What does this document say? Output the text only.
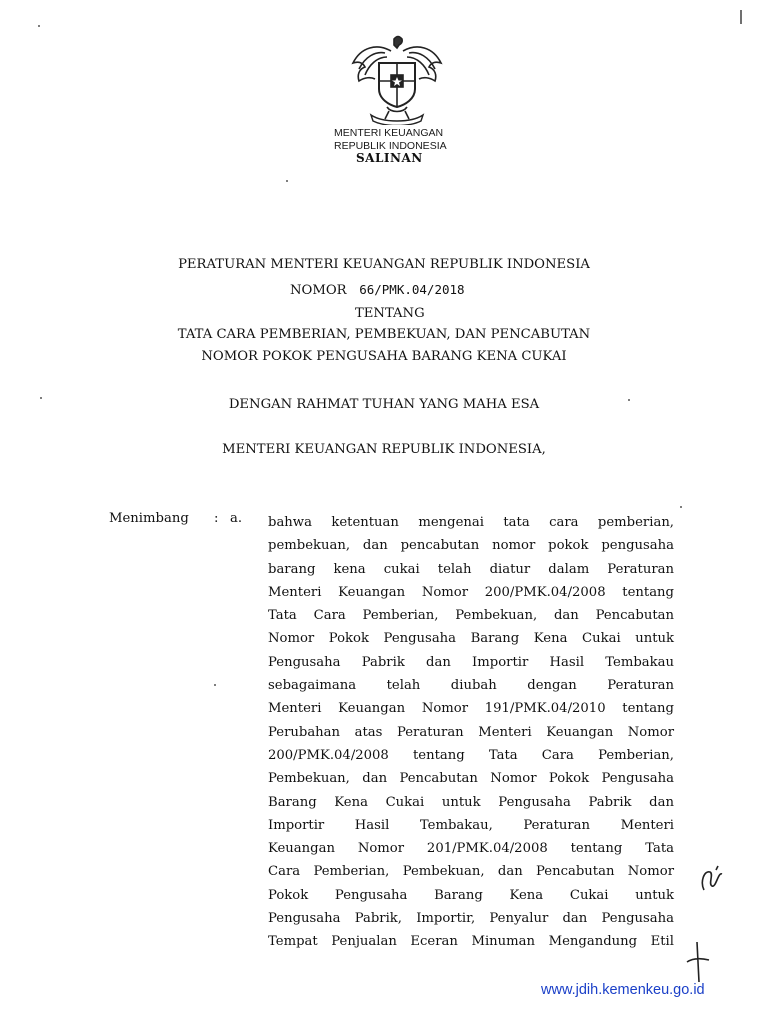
MENTERI KEUANGAN
REPUBLIK INDONESIA
SALINAN
PERATURAN MENTERI KEUANGAN REPUBLIK INDONESIA
NOMOR 66/PMK.04/2018
TENTANG
TATA CARA PEMBERIAN, PEMBEKUAN, DAN PENCABUTAN
NOMOR POKOK PENGUSAHA BARANG KENA CUKAI
DENGAN RAHMAT TUHAN YANG MAHA ESA
MENTERI KEUANGAN REPUBLIK INDONESIA,
Menimbang : a. bahwa ketentuan mengenai tata cara pemberian,
pembekuan, dan pencabutan nomor pokok pengusaha
barang kena cukai telah diatur dalam Peraturan
Menteri Keuangan Nomor 200/PMK.04/2008 tentang
Tata Cara Pemberian, Pembekuan, dan Pencabutan
Nomor Pokok Pengusaha Barang Kena Cukai untuk
Pengusaha Pabrik dan Importir Hasil Tembakau
sebagaimana telah diubah dengan Peraturan
Menteri Keuangan Nomor 191/PMK.04/2010 tentang
Perubahan atas Peraturan Menteri Keuangan Nomor
200/PMK.04/2008 tentang Tata Cara Pemberian,
Pembekuan, dan Pencabutan Nomor Pokok Pengusaha
Barang Kena Cukai untuk Pengusaha Pabrik dan
Importir Hasil Tembakau, Peraturan Menteri
Keuangan Nomor 201/PMK.04/2008 tentang Tata
Cara Pemberian, Pembekuan, dan Pencabutan Nomor
Pokok Pengusaha Barang Kena Cukai untuk
Pengusaha Pabrik, Importir, Penyalur dan Pengusaha
Tempat Penjualan Eceran Minuman Mengandung Etil
www.jdih.kemenkeu.go.id
